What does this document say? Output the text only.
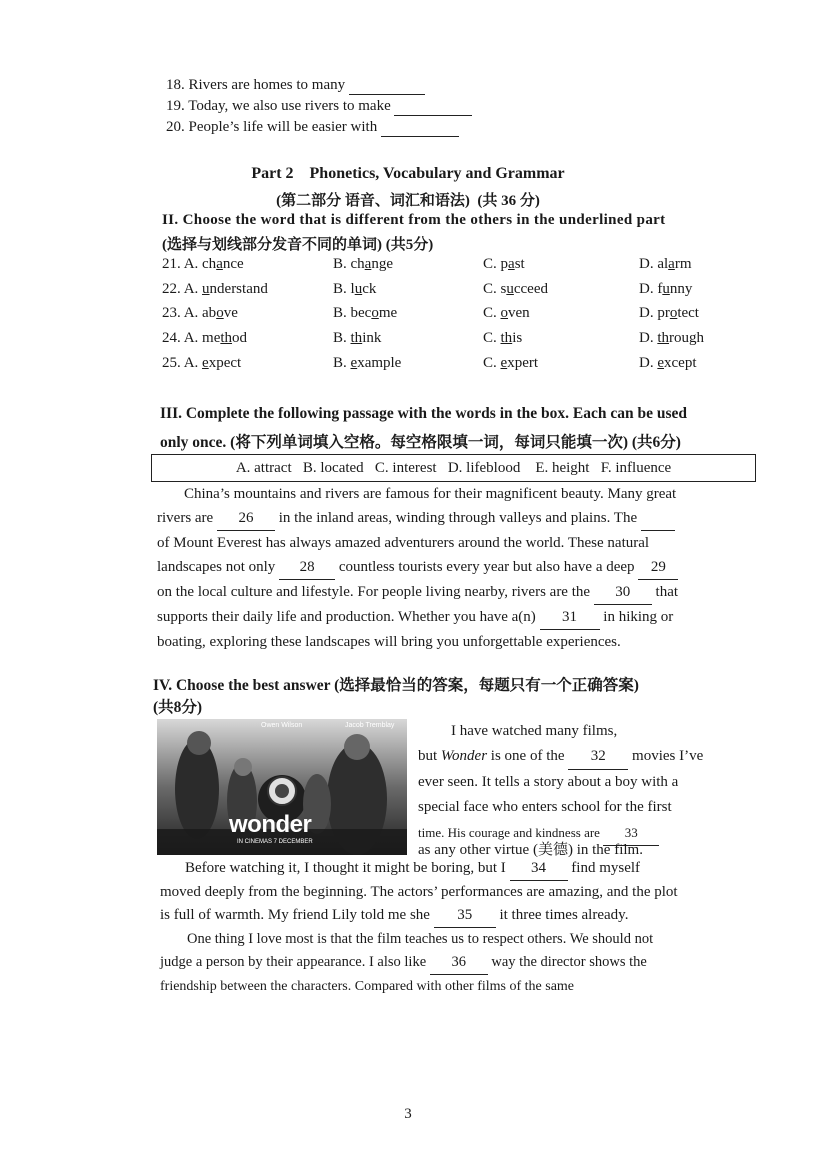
18. Rivers are homes to many
19. Today, we also use rivers to make
20. People’s life will be easier with
Part 2    Phonetics, Vocabulary and Grammar
(第二部分 语音、词汇和语法)  (共 36 分)
II. Choose the word that is different from the others in the underlined part
(选择与划线部分发音不同的单词) (共5分)
21. A. chance	B. change	C. past	D. alarm
22. A. understand	B. luck	C. succeed	D. funny
23. A. above	B. become	C. oven	D. protect
24. A. method	B. think	C. this	D. through
25. A. expect	B. example	C. expert	D. except
III. Complete the following passage with the words in the box. Each can be used
only once. (将下列单词填入空格。每空格限填一词，每词只能填一次) (共6分)
A. attract   B. located   C. interest   D. lifeblood    E. height   F. influence
China’s mountains and rivers are famous for their magnificent beauty. Many great
rivers are 26 in the inland areas, winding through valleys and plains. The
of Mount Everest has always amazed adventurers around the world. These natural
landscapes not only 28 countless tourists every year but also have a deep 29
on the local culture and lifestyle. For people living nearby, rivers are the 30 that
supports their daily life and production. Whether you have a(n) 31 in hiking or
boating, exploring these landscapes will bring you unforgettable experiences.
IV. Choose the best answer (选择最恰当的答案，每题只有一个正确答案)
(共8分)
Owen Wilson	Jacob Tremblay
wonder
IN CINEMAS 7 DECEMBER
I have watched many films,
but Wonder is one of the 32 movies I’ve
ever seen. It tells a story about a boy with a
special face who enters school for the first
time. His courage and kindness are 33
as any other virtue (美德) in the film.
Before watching it, I thought it might be boring, but I 34 find myself
moved deeply from the beginning. The actors’ performances are amazing, and the plot
is full of warmth. My friend Lily told me she 35 it three times already.
One thing I love most is that the film teaches us to respect others. We should not
judge a person by their appearance. I also like 36 way the director shows the
friendship between the characters. Compared with other films of the same
3
